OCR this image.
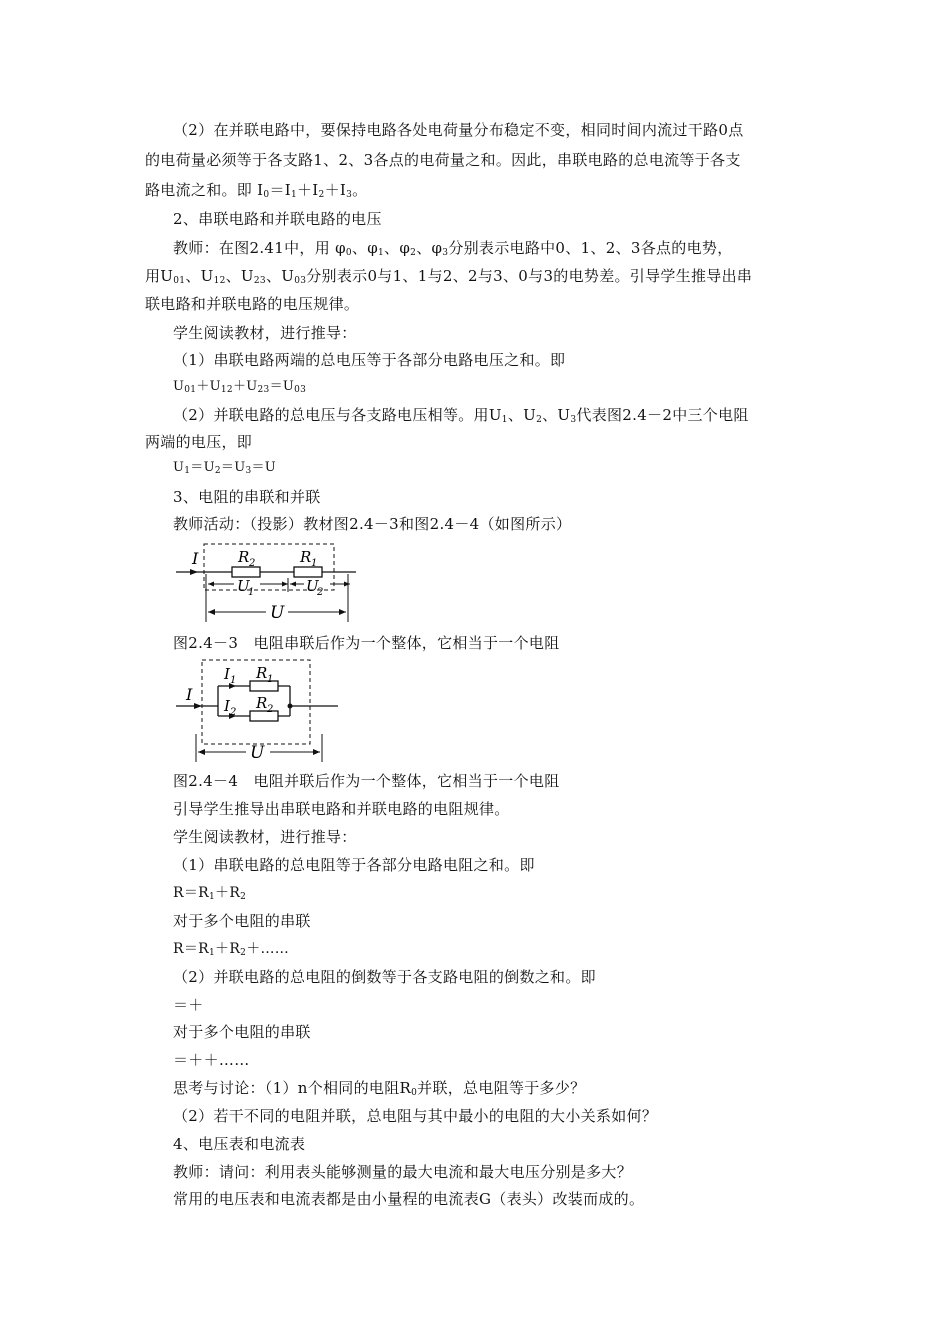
（2）在并联电路中，要保持电路各处电荷量分布稳定不变，相同时间内流过干路0点
的电荷量必须等于各支路1、2、3各点的电荷量之和。因此，串联电路的总电流等于各支
路电流之和。即 $I_0=I_1+I_2+I_3$。
2、串联电路和并联电路的电压
教师：在图2.41中，用 $\varphi_0$、$\varphi_1$、$\varphi_2$、$\varphi_3$分别表示电路中0、1、2、3各点的电势，
用$U_{01}$、$U_{12}$、$U_{23}$、$U_{03}$分别表示0与1、1与2、2与3、0与3的电势差。引导学生推导出串
联电路和并联电路的电压规律。
学生阅读教材，进行推导：
（1）串联电路两端的总电压等于各部分电路电压之和。即
$U_{01}+U_{12}+U_{23}=U_{03}$
（2）并联电路的总电压与各支路电压相等。用$U_1$、$U_2$、$U_3$代表图2.4－2中三个电阻
两端的电压，即
$U_1=U_2=U_3=U$
3、电阻的串联和并联
教师活动：（投影）教材图2.4－3和图2.4－4（如图所示）
I	R 2	R 1
U
1	U
2
U
图2.4－3　电阻串联后作为一个整体，它相当于一个电阻
I
I 1
I 2
R 1
R 2
U
图2.4－4　电阻并联后作为一个整体，它相当于一个电阻
引导学生推导出串联电路和并联电路的电阻规律。
学生阅读教材，进行推导：
（1）串联电路的总电阻等于各部分电路电阻之和。即
$R=R_1+R_2$
对于多个电阻的串联
$R=R_1+R_2+\dots\dots$
（2）并联电路的总电阻的倒数等于各支路电阻的倒数之和。即
＝＋
对于多个电阻的串联
＝＋＋……
思考与讨论：（1）n个相同的电阻$R_0$并联，总电阻等于多少？
（2）若干不同的电阻并联，总电阻与其中最小的电阻的大小关系如何？
4、电压表和电流表
教师：请问：利用表头能够测量的最大电流和最大电压分别是多大？
常用的电压表和电流表都是由小量程的电流表G（表头）改装而成的。
